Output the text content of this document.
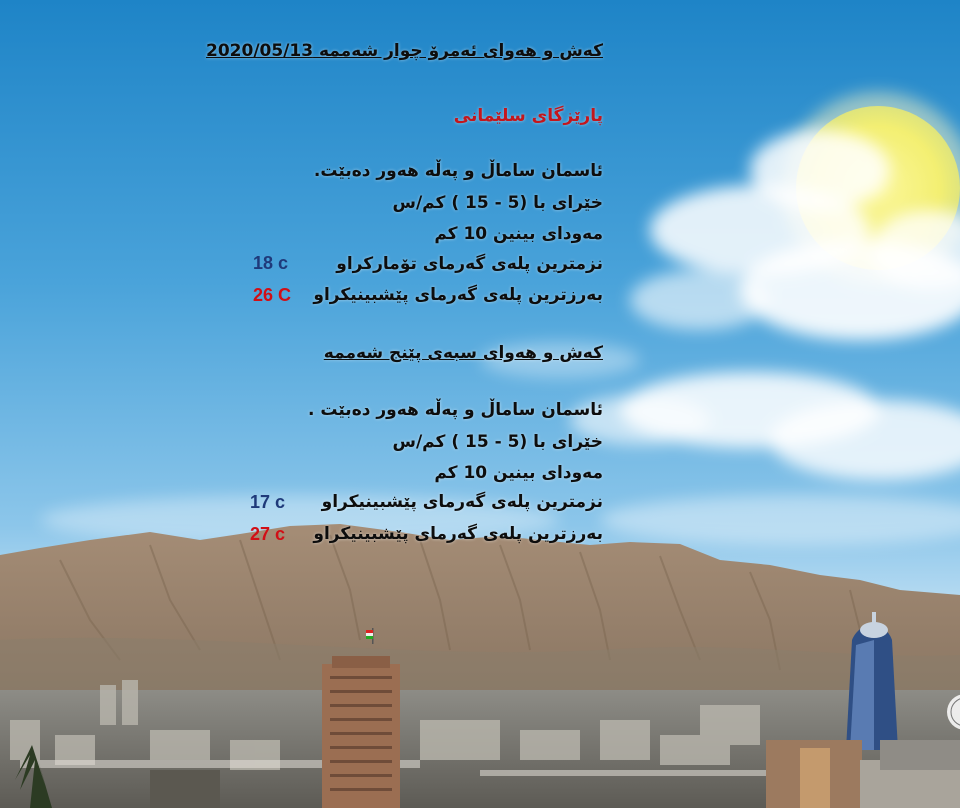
کەش و هەوای ئەمرۆ چوار شەممە 2020/05/13
پارێزگای سلێمانی
ئاسمان ساماڵ و پەڵە هەور دەبێت.
خێرای با (5 - 15 ) کم/س
مەودای بینین 10 کم
نزمترین پلەی گەرمای تۆمارکراو
18 c
بەرزترین پلەی گەرمای پێشبینیکراو
26 C
کەش و هەوای سبەی پێنج شەممە
ئاسمان ساماڵ و پەڵە هەور دەبێت .
خێرای با (5 - 15 ) کم/س
مەودای بینین 10 کم
نزمترین پلەی گەرمای پێشبینیکراو
17 c
بەرزترین پلەی گەرمای پێشبینیکراو
27 c
